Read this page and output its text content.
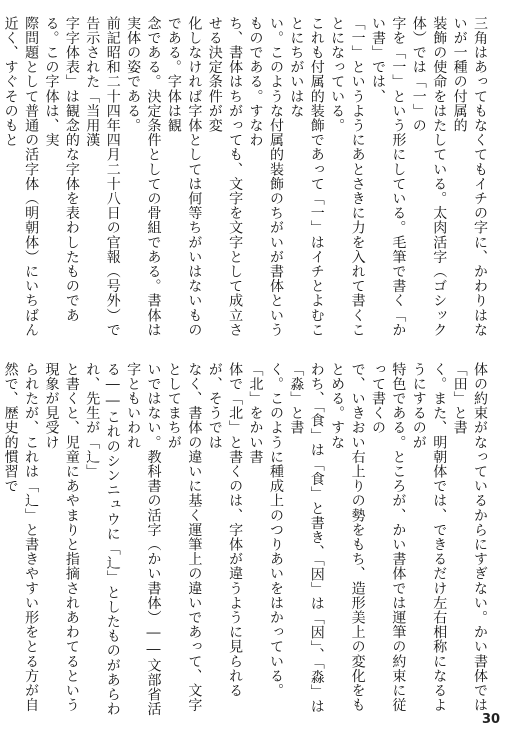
三角はあってもなくてもイチの字に、かわりはないが一種の付属的
装飾の使命をはたしている。太肉活字（ゴシック体）では「一」の
字を「一」という形にしている。毛筆で書く「かい書」では、
「一」というようにあとさきに力を入れて書くことになっている。
これも付属的装飾であって「一」はイチとよむことにちがいはな
い。このような付属的装飾のちがいが書体というものである。すなわ
ち、書体はちがっても、文字を文字として成立させる決定条件が変
化しなければ字体としては何等ちがいはないものである。字体は観
念である。決定条件としての骨組である。書体は実体の姿である。
前記昭和二十四年四月二十八日の官報（号外）で告示された「当用漢
字字体表」は観念的な字体を表わしたものである。この字体は、実
際問題として普通の活字体（明朝体）にいちばん近く、すぐそのもと

体の約束がなっているからにすぎない。かい書体では「田」と書
く。また、明朝体では、できるだけ左右相称になるようにするのが
特色である。ところが、かい書体では運筆の約束に従って書くの
で、いきおい右上りの勢をもち、造形美上の変化をもとめる。すな
わち、「食」は「食」と書き、「因」は「因」、「淼」は「淼」と書
く。このように種成上のつりあいをはかっている。「北」をかい書
体で「北」と書くのは、字体が違うように見られるが、そうでは
なく、書体の違いに基く運筆上の違いであって、文字としてまちが
いではない。教科書の活字（かい書体）――文部省活字ともいわれ
る――これのシンニュウに「辶」としたものがあらわれ、先生が「辶」
と書くと、児童にあやまりと指摘されあわてるという現象が見受け
られたが、これは「辶」と書きやすい形をとる方が自然で、歴史的慣習で

30
